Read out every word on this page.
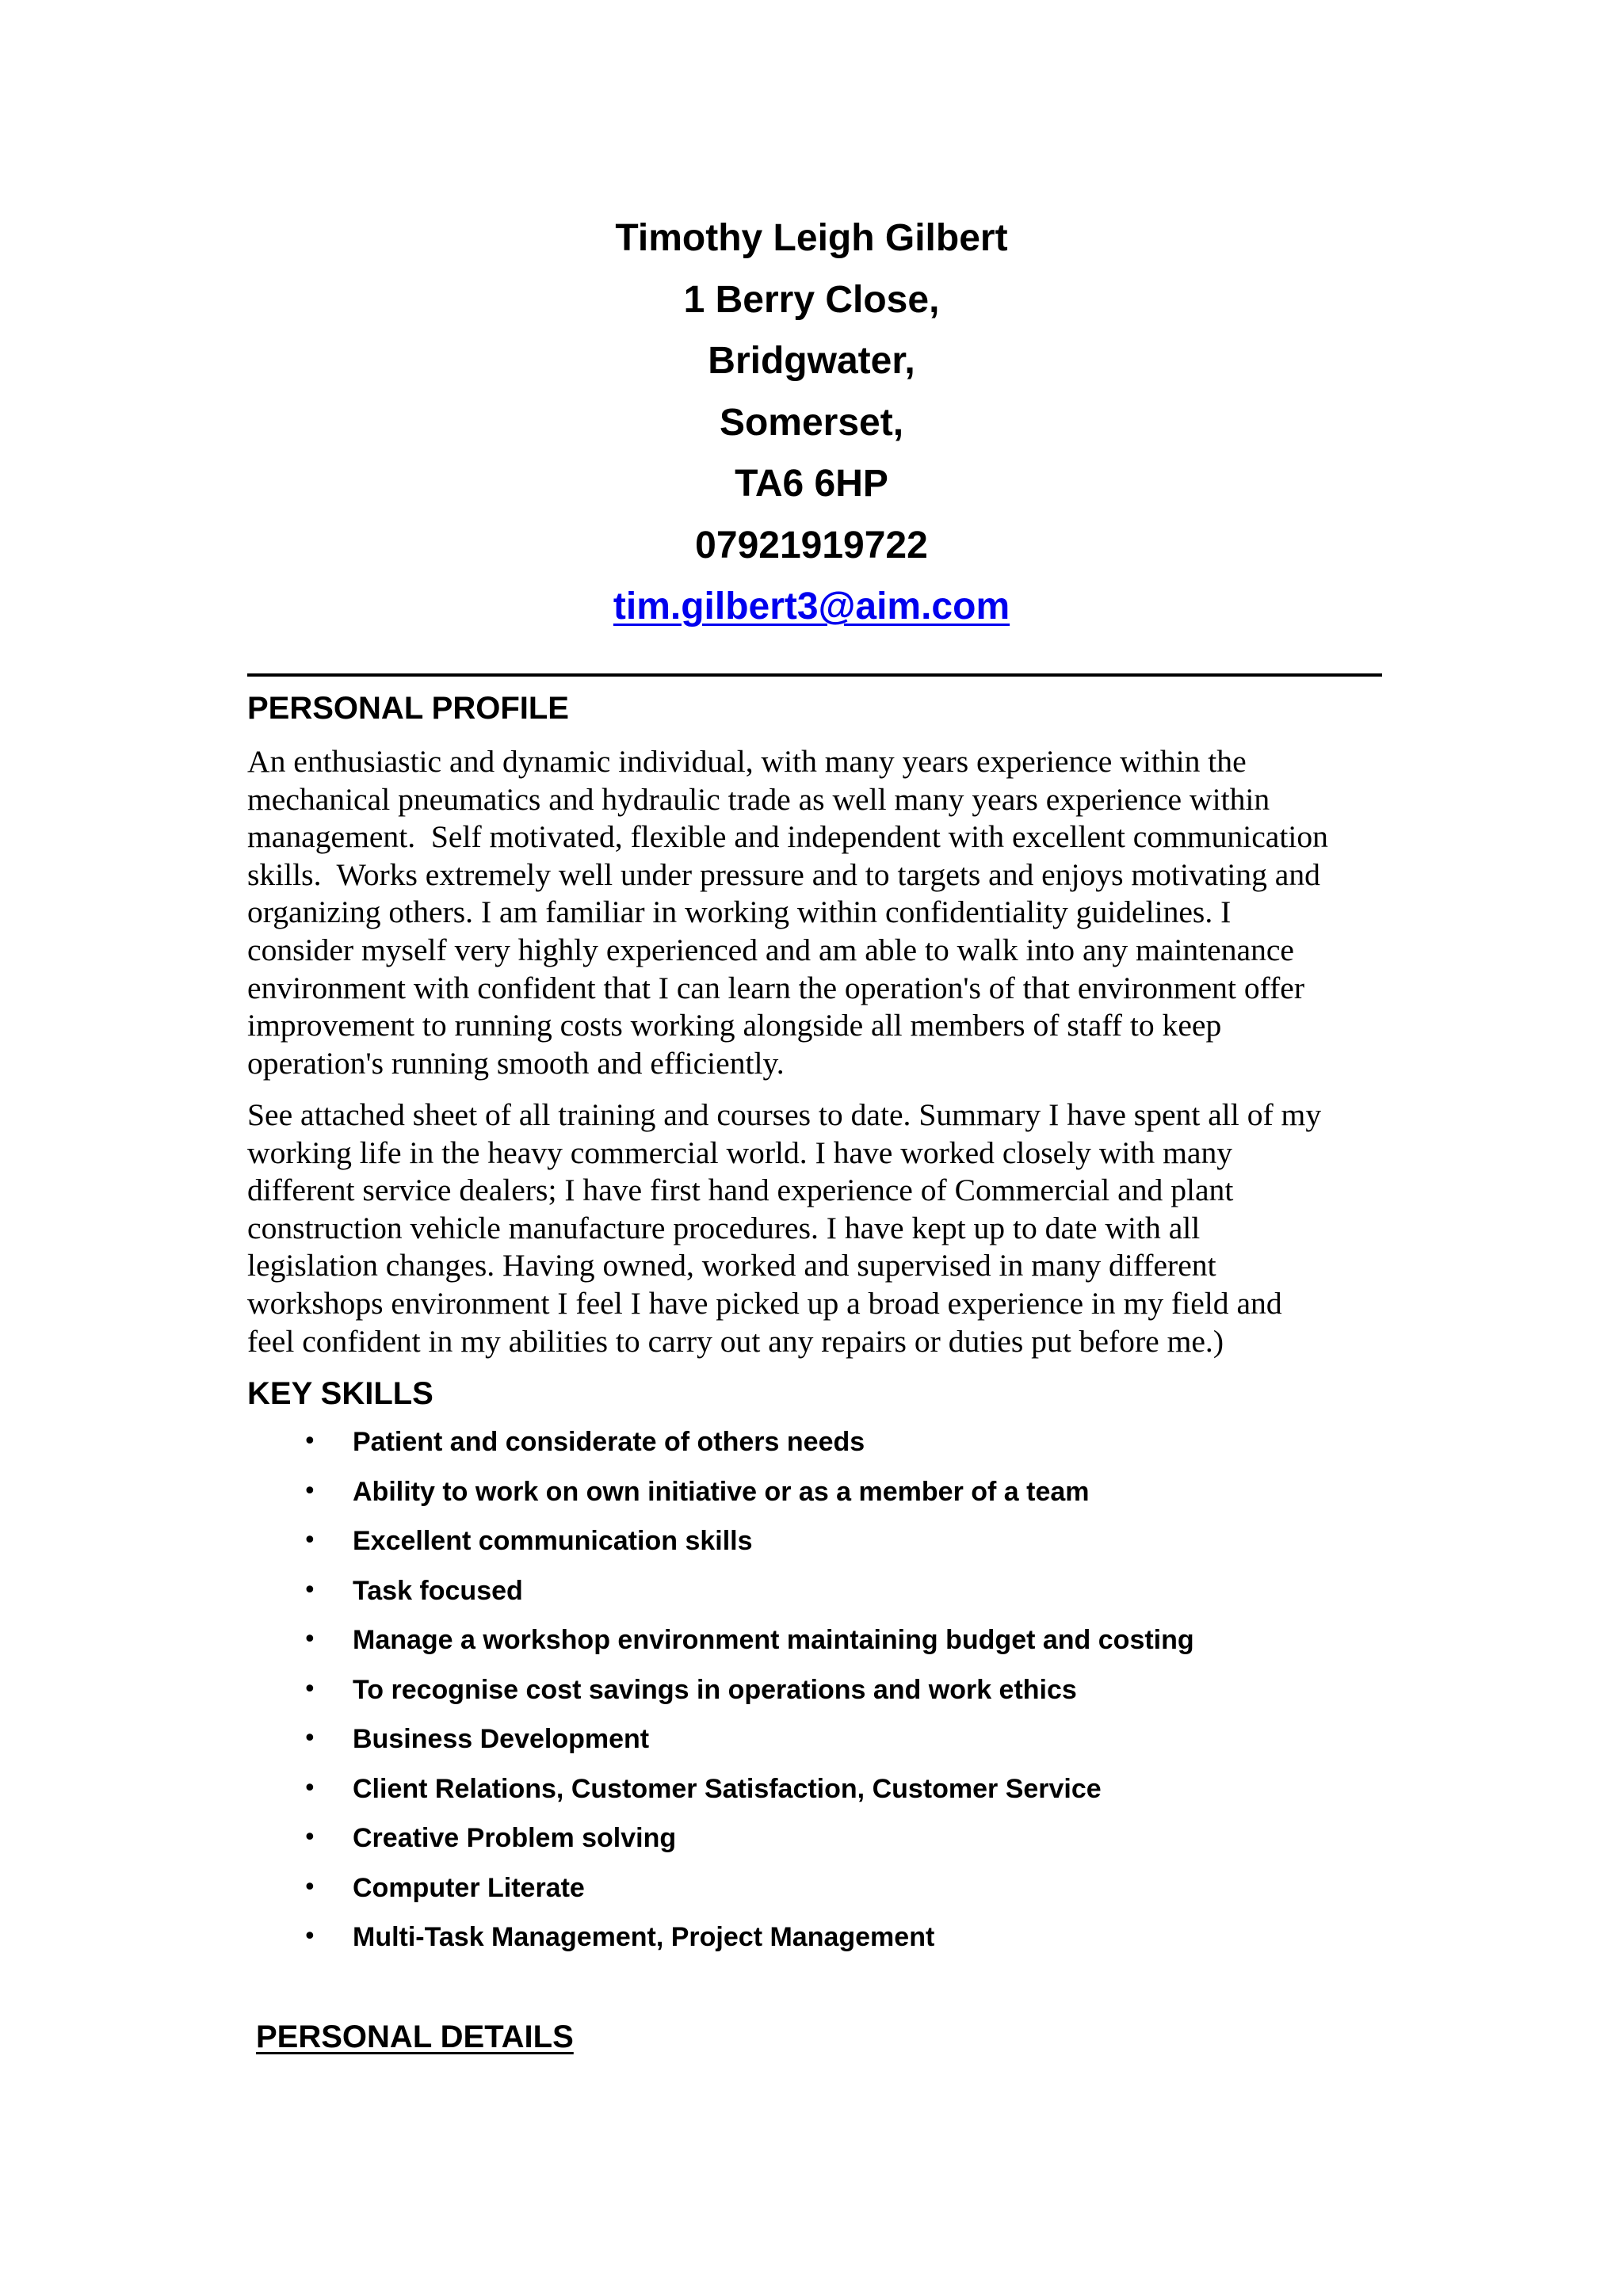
Timothy Leigh Gilbert
1 Berry Close,
Bridgwater,
Somerset,
TA6 6HP
07921919722
tim.gilbert3@aim.com
PERSONAL PROFILE

An enthusiastic and dynamic individual, with many years experience within the
mechanical pneumatics and hydraulic trade as well many years experience within
management.  Self motivated, flexible and independent with excellent communication
skills.  Works extremely well under pressure and to targets and enjoys motivating and
organizing others. I am familiar in working within confidentiality guidelines. I
consider myself very highly experienced and am able to walk into any maintenance
environment with confident that I can learn the operation's of that environment offer
improvement to running costs working alongside all members of staff to keep
operation's running smooth and efficiently.

See attached sheet of all training and courses to date. Summary I have spent all of my
working life in the heavy commercial world. I have worked closely with many
different service dealers; I have first hand experience of Commercial and plant
construction vehicle manufacture procedures. I have kept up to date with all
legislation changes. Having owned, worked and supervised in many different
workshops environment I feel I have picked up a broad experience in my field and
feel confident in my abilities to carry out any repairs or duties put before me.)

KEY SKILLS
• Patient and considerate of others needs
• Ability to work on own initiative or as a member of a team
• Excellent communication skills
• Task focused
• Manage a workshop environment maintaining budget and costing
• To recognise cost savings in operations and work ethics
• Business Development
• Client Relations, Customer Satisfaction, Customer Service
• Creative Problem solving
• Computer Literate
• Multi-Task Management, Project Management
PERSONAL DETAILS
